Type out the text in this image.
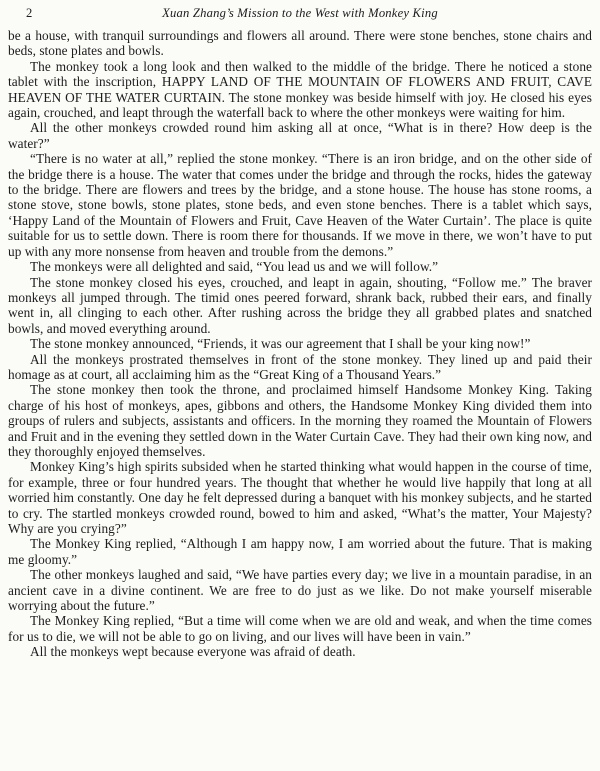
2	Xuan Zhang’s Mission to the West with Monkey King

be a house, with tranquil surroundings and flowers all around. There were stone benches, stone chairs and beds, stone plates and bowls.

The monkey took a long look and then walked to the middle of the bridge. There he noticed a stone tablet with the inscription, HAPPY LAND OF THE MOUNTAIN OF FLOWERS AND FRUIT, CAVE HEAVEN OF THE WATER CURTAIN. The stone monkey was beside himself with joy. He closed his eyes again, crouched, and leapt through the waterfall back to where the other monkeys were waiting for him.

All the other monkeys crowded round him asking all at once, “What is in there? How deep is the water?”

“There is no water at all,” replied the stone monkey. “There is an iron bridge, and on the other side of the bridge there is a house. The water that comes under the bridge and through the rocks, hides the gateway to the bridge. There are flowers and trees by the bridge, and a stone house. The house has stone rooms, a stone stove, stone bowls, stone plates, stone beds, and even stone benches. There is a tablet which says, ‘Happy Land of the Mountain of Flowers and Fruit, Cave Heaven of the Water Curtain’. The place is quite suitable for us to settle down. There is room there for thousands. If we move in there, we won’t have to put up with any more nonsense from heaven and trouble from the demons.”

The monkeys were all delighted and said, “You lead us and we will follow.”

The stone monkey closed his eyes, crouched, and leapt in again, shouting, “Follow me.” The braver monkeys all jumped through. The timid ones peered forward, shrank back, rubbed their ears, and finally went in, all clinging to each other. After rushing across the bridge they all grabbed plates and snatched bowls, and moved everything around.

The stone monkey announced, “Friends, it was our agreement that I shall be your king now!”

All the monkeys prostrated themselves in front of the stone monkey. They lined up and paid their homage as at court, all acclaiming him as the “Great King of a Thousand Years.”

The stone monkey then took the throne, and proclaimed himself Handsome Monkey King. Taking charge of his host of monkeys, apes, gibbons and others, the Handsome Monkey King divided them into groups of rulers and subjects, assistants and officers. In the morning they roamed the Mountain of Flowers and Fruit and in the evening they settled down in the Water Curtain Cave. They had their own king now, and they thoroughly enjoyed themselves.

Monkey King’s high spirits subsided when he started thinking what would happen in the course of time, for example, three or four hundred years. The thought that whether he would live happily that long at all worried him constantly. One day he felt depressed during a banquet with his monkey subjects, and he started to cry. The startled monkeys crowded round, bowed to him and asked, “What’s the matter, Your Majesty? Why are you crying?”

The Monkey King replied, “Although I am happy now, I am worried about the future. That is making me gloomy.”

The other monkeys laughed and said, “We have parties every day; we live in a mountain paradise, in an ancient cave in a divine continent. We are free to do just as we like. Do not make yourself miserable worrying about the future.”

The Monkey King replied, “But a time will come when we are old and weak, and when the time comes for us to die, we will not be able to go on living, and our lives will have been in vain.”

All the monkeys wept because everyone was afraid of death.
